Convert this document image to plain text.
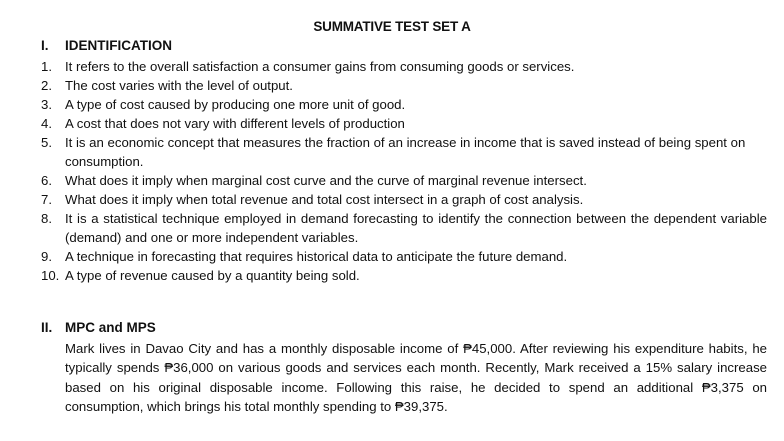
SUMMATIVE TEST SET A
I. IDENTIFICATION
1. It refers to the overall satisfaction a consumer gains from consuming goods or services.
2. The cost varies with the level of output.
3. A type of cost caused by producing one more unit of good.
4. A cost that does not vary with different levels of production
5. It is an economic concept that measures the fraction of an increase in income that is saved instead of being spent on consumption.
6. What does it imply when marginal cost curve and the curve of marginal revenue intersect.
7. What does it imply when total revenue and total cost intersect in a graph of cost analysis.
8. It is a statistical technique employed in demand forecasting to identify the connection between the dependent variable (demand) and one or more independent variables.
9. A technique in forecasting that requires historical data to anticipate the future demand.
10. A type of revenue caused by a quantity being sold.
II. MPC and MPS

Mark lives in Davao City and has a monthly disposable income of ₱45,000. After reviewing his expenditure habits, he typically spends ₱36,000 on various goods and services each month. Recently, Mark received a 15% salary increase based on his original disposable income. Following this raise, he decided to spend an additional ₱3,375 on consumption, which brings his total monthly spending to ₱39,375.
